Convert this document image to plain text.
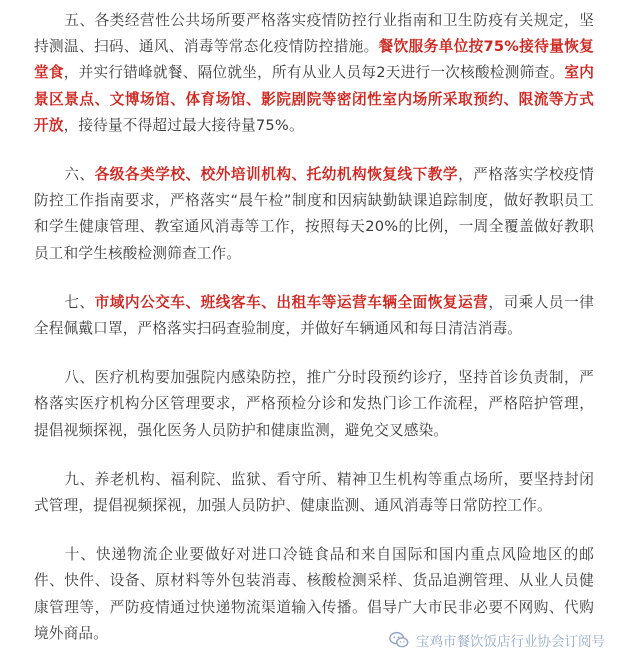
五、各类经营性公共场所要严格落实疫情防控行业指南和卫生防疫有关规定，坚持测温、扫码、通风、消毒等常态化疫情防控措施。餐饮服务单位按75%接待量恢复堂食，并实行错峰就餐、隔位就坐，所有从业人员每2天进行一次核酸检测筛查。室内景区景点、文博场馆、体育场馆、影院剧院等密闭性室内场所采取预约、限流等方式开放，接待量不得超过最大接待量75%。

六、各级各类学校、校外培训机构、托幼机构恢复线下教学，严格落实学校疫情防控工作指南要求，严格落实“晨午检”制度和因病缺勤缺课追踪制度，做好教职员工和学生健康管理、教室通风消毒等工作，按照每天20%的比例，一周全覆盖做好教职员工和学生核酸检测筛查工作。

七、市域内公交车、班线客车、出租车等运营车辆全面恢复运营，司乘人员一律全程佩戴口罩，严格落实扫码查验制度，并做好车辆通风和每日清洁消毒。

八、医疗机构要加强院内感染防控，推广分时段预约诊疗，坚持首诊负责制，严格落实医疗机构分区管理要求，严格预检分诊和发热门诊工作流程，严格陪护管理，提倡视频探视，强化医务人员防护和健康监测，避免交叉感染。

九、养老机构、福利院、监狱、看守所、精神卫生机构等重点场所，要坚持封闭式管理，提倡视频探视，加强人员防护、健康监测、通风消毒等日常防控工作。

十、快递物流企业要做好对进口冷链食品和来自国际和国内重点风险地区的邮件、快件、设备、原材料等外包装消毒、核酸检测采样、货品追溯管理、从业人员健康管理等，严防疫情通过快递物流渠道输入传播。倡导广大市民非必要不网购、代购境外商品。

宝鸡市餐饮饭店行业协会订阅号
